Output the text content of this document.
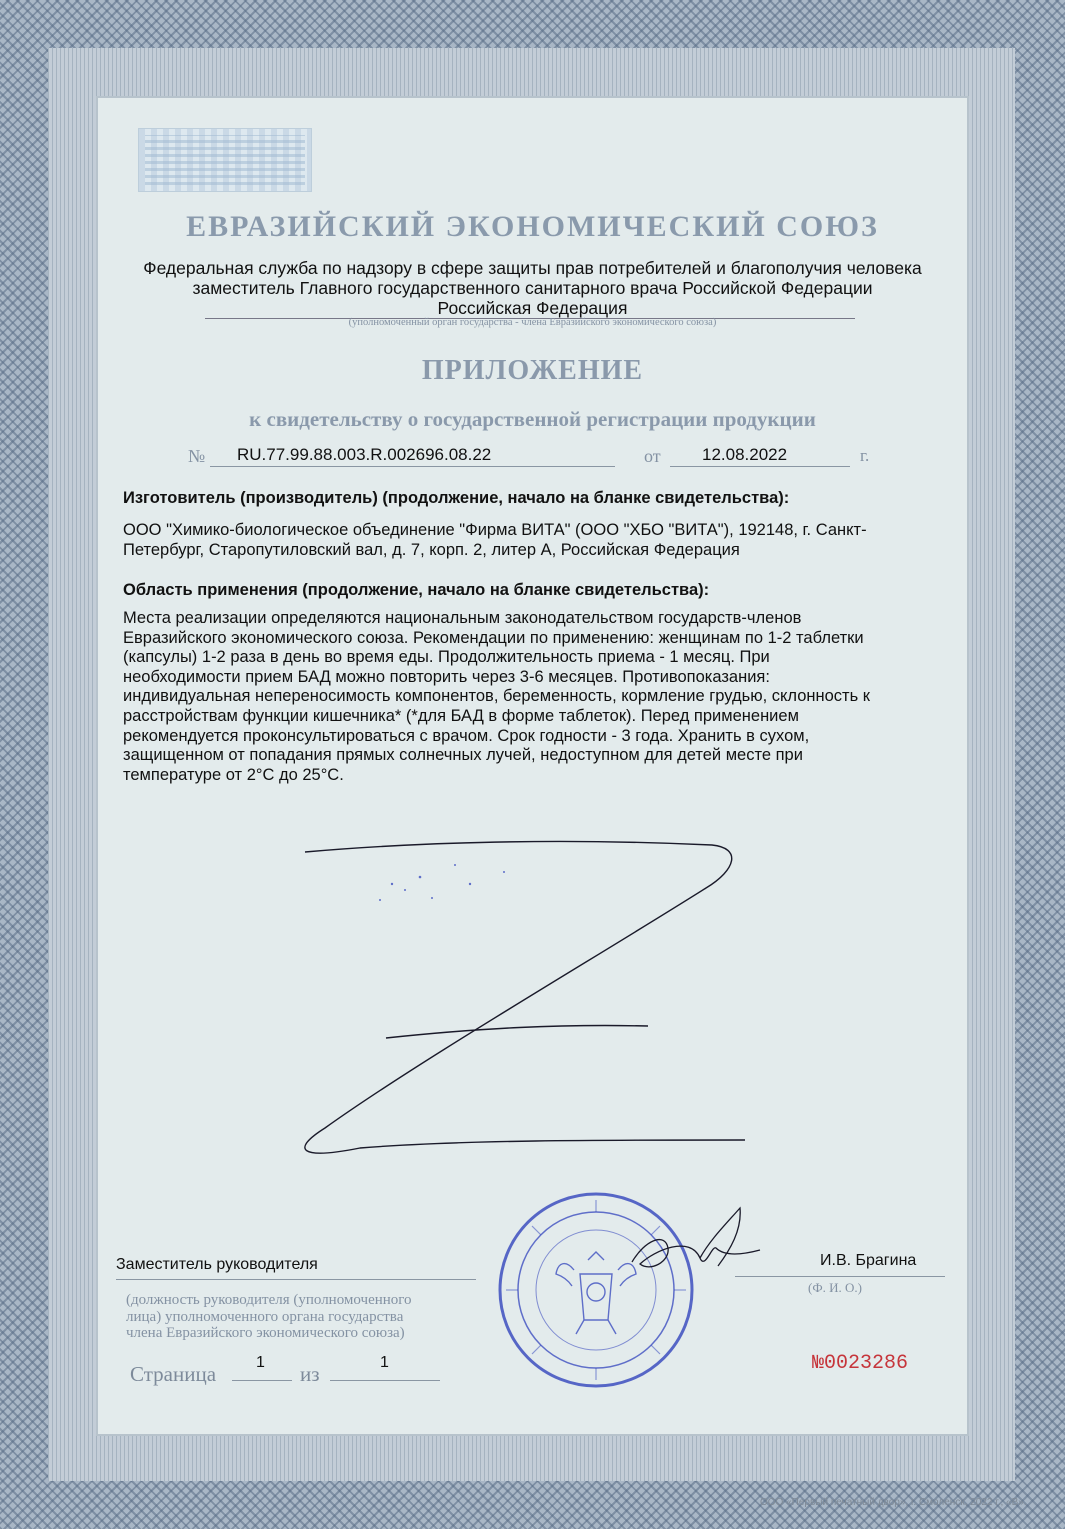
ЕВРАЗИЙСКИЙ ЭКОНОМИЧЕСКИЙ СОЮЗ
Федеральная служба по надзору в сфере защиты прав потребителей и благополучия человека
заместитель Главного государственного санитарного врача Российской Федерации
Российская Федерация
(уполномоченный орган государства - члена Евразийского экономического союза)
ПРИЛОЖЕНИЕ
к свидетельству о государственной регистрации продукции
№ RU.77.99.88.003.R.002696.08.22	от 12.08.2022	г.
Изготовитель (производитель) (продолжение, начало на бланке свидетельства):
ООО "Химико-биологическое объединение "Фирма ВИТА" (ООО "ХБО "ВИТА"), 192148, г. Санкт-
Петербург, Старопутиловский вал, д. 7, корп. 2, литер А, Российская Федерация
Область применения (продолжение, начало на бланке свидетельства):
Места реализации определяются национальным законодательством государств-членов
Евразийского экономического союза. Рекомендации по применению: женщинам по 1-2 таблетки
(капсулы) 1-2 раза в день во время еды. Продолжительность приема - 1 месяц. При
необходимости прием БАД можно повторить через 3-6 месяцев. Противопоказания:
индивидуальная непереносимость компонентов, беременность, кормление грудью, склонность к
расстройствам функции кишечника* (*для БАД в форме таблеток). Перед применением
рекомендуется проконсультироваться с врачом. Срок годности - 3 года. Хранить в сухом,
защищенном от попадания прямых солнечных лучей, недоступном для детей месте при
температуре от 2°С до 25°С.
Заместитель руководителя
(должность руководителя (уполномоченного
лица) уполномоченного органа государства
члена Евразийского экономического союза)
И.В. Брагина
(Ф. И. О.)
Страница 1 из	1	№0023286
ООО «Первый печатный двор», г. Смоленск, 2022 г., «В».
